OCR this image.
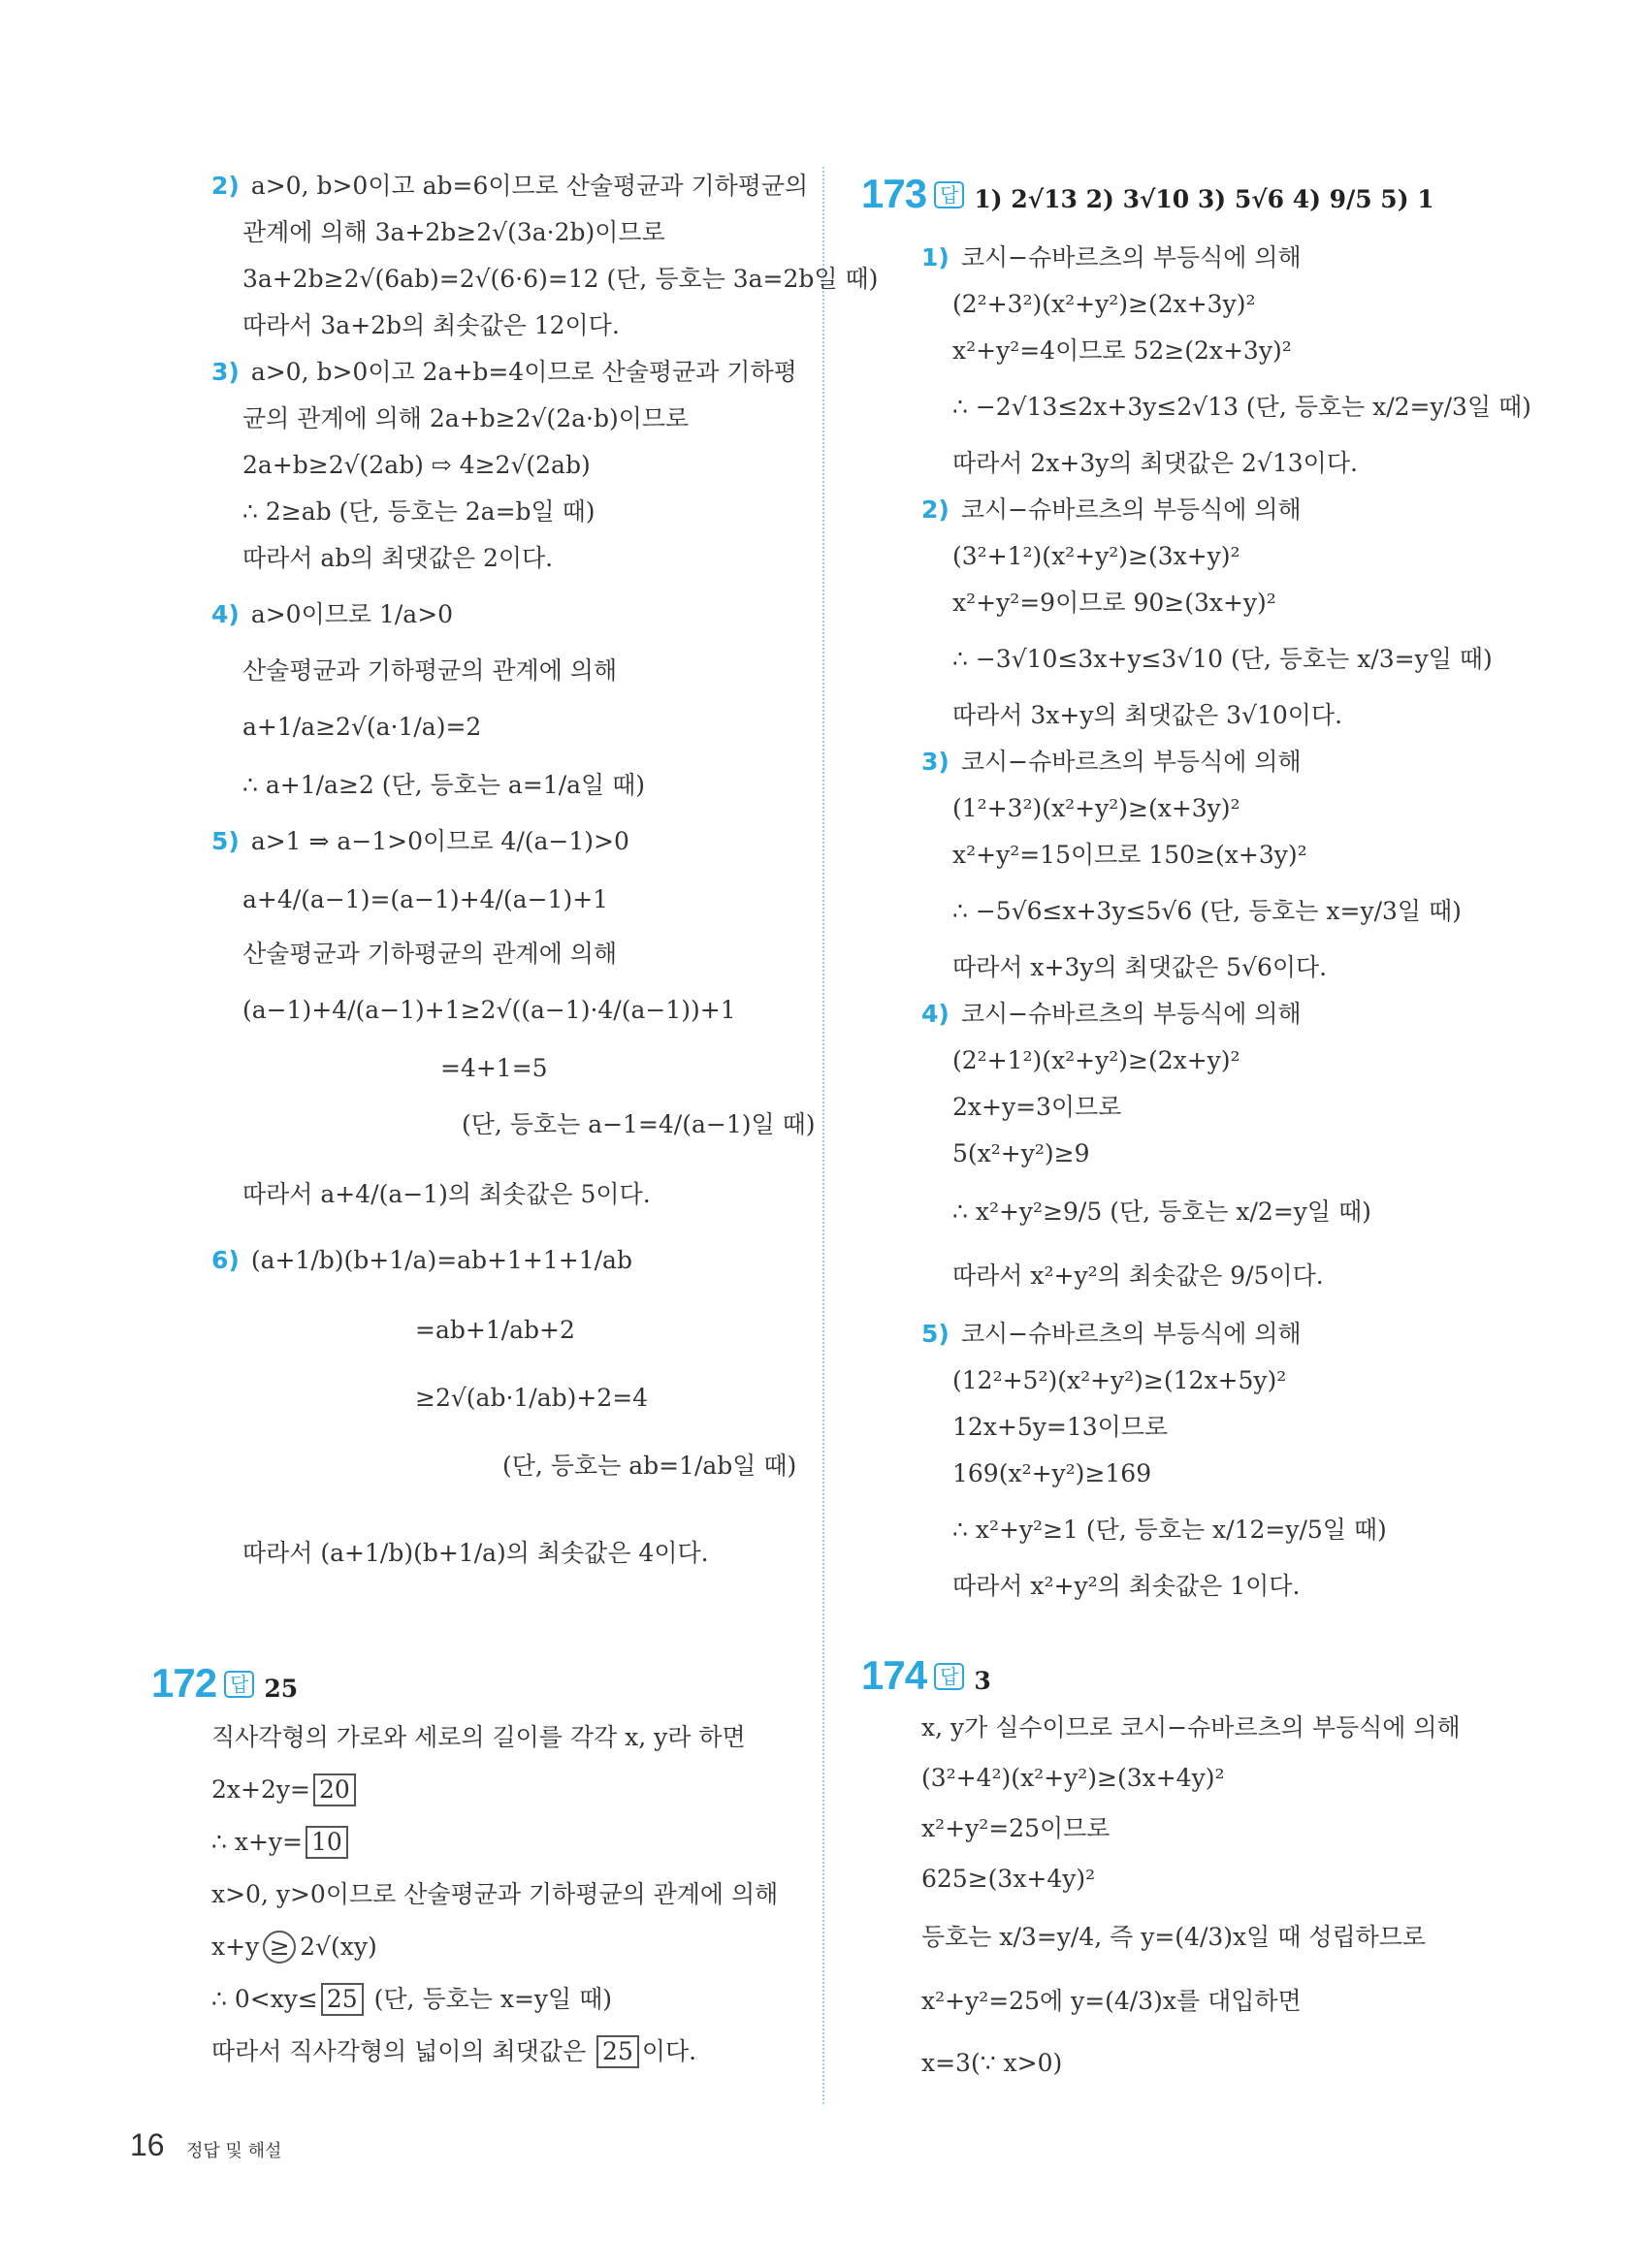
2) a>0, b>0이고 ab=6이므로 산술평균과 기하평균의
관계에 의해 3a+2b≥2√(3a·2b)이므로
3a+2b≥2√(6ab)=2√(6·6)=12 (단, 등호는 3a=2b일 때)
따라서 3a+2b의 최솟값은 12이다.
3) a>0, b>0이고 2a+b=4이므로 산술평균과 기하평
균의 관계에 의해 2a+b≥2√(2a·b)이므로
2a+b≥2√(2ab) ⇨ 4≥2√(2ab)
∴ 2≥ab (단, 등호는 2a=b일 때)
따라서 ab의 최댓값은 2이다.
4) a>0이므로 1/a>0
산술평균과 기하평균의 관계에 의해
a+1/a≥2√(a·1/a)=2
∴ a+1/a≥2 (단, 등호는 a=1/a일 때)
5) a>1 ⇒ a−1>0이므로 4/(a−1)>0
a+4/(a−1)=(a−1)+4/(a−1)+1
산술평균과 기하평균의 관계에 의해
(a−1)+4/(a−1)+1≥2√((a−1)·4/(a−1))+1
=4+1=5
(단, 등호는 a−1=4/(a−1)일 때)
따라서 a+4/(a−1)의 최솟값은 5이다.
6) (a+1/b)(b+1/a)=ab+1+1+1/ab
=ab+1/ab+2
≥2√(ab·1/ab)+2=4
(단, 등호는 ab=1/ab일 때)
따라서 (a+1/b)(b+1/a)의 최솟값은 4이다.
172 답 25
직사각형의 가로와 세로의 길이를 각각 x, y라 하면
2x+2y= 20
∴ x+y= 10
x>0, y>0이므로 산술평균과 기하평균의 관계에 의해
x+y ≥ 2√(xy)
∴ 0<xy≤ 25 (단, 등호는 x=y일 때)
따라서 직사각형의 넓이의 최댓값은 25 이다.
173 답 1) 2√13 2) 3√10 3) 5√6 4) 9/5 5) 1
1) 코시−슈바르츠의 부등식에 의해
(2²+3²)(x²+y²)≥(2x+3y)²
x²+y²=4이므로 52≥(2x+3y)²
∴ −2√13≤2x+3y≤2√13 (단, 등호는 x/2=y/3일 때)
따라서 2x+3y의 최댓값은 2√13이다.
2) 코시−슈바르츠의 부등식에 의해
(3²+1²)(x²+y²)≥(3x+y)²
x²+y²=9이므로 90≥(3x+y)²
∴ −3√10≤3x+y≤3√10 (단, 등호는 x/3=y일 때)
따라서 3x+y의 최댓값은 3√10이다.
3) 코시−슈바르츠의 부등식에 의해
(1²+3²)(x²+y²)≥(x+3y)²
x²+y²=15이므로 150≥(x+3y)²
∴ −5√6≤x+3y≤5√6 (단, 등호는 x=y/3일 때)
따라서 x+3y의 최댓값은 5√6이다.
4) 코시−슈바르츠의 부등식에 의해
(2²+1²)(x²+y²)≥(2x+y)²
2x+y=3이므로
5(x²+y²)≥9
∴ x²+y²≥9/5 (단, 등호는 x/2=y일 때)
따라서 x²+y²의 최솟값은 9/5이다.
5) 코시−슈바르츠의 부등식에 의해
(12²+5²)(x²+y²)≥(12x+5y)²
12x+5y=13이므로
169(x²+y²)≥169
∴ x²+y²≥1 (단, 등호는 x/12=y/5일 때)
따라서 x²+y²의 최솟값은 1이다.
174 답 3
x, y가 실수이므로 코시−슈바르츠의 부등식에 의해
(3²+4²)(x²+y²)≥(3x+4y)²
x²+y²=25이므로
625≥(3x+4y)²
등호는 x/3=y/4, 즉 y=(4/3)x일 때 성립하므로
x²+y²=25에 y=(4/3)x를 대입하면
x=3(∵ x>0)
16 정답 및 해설
